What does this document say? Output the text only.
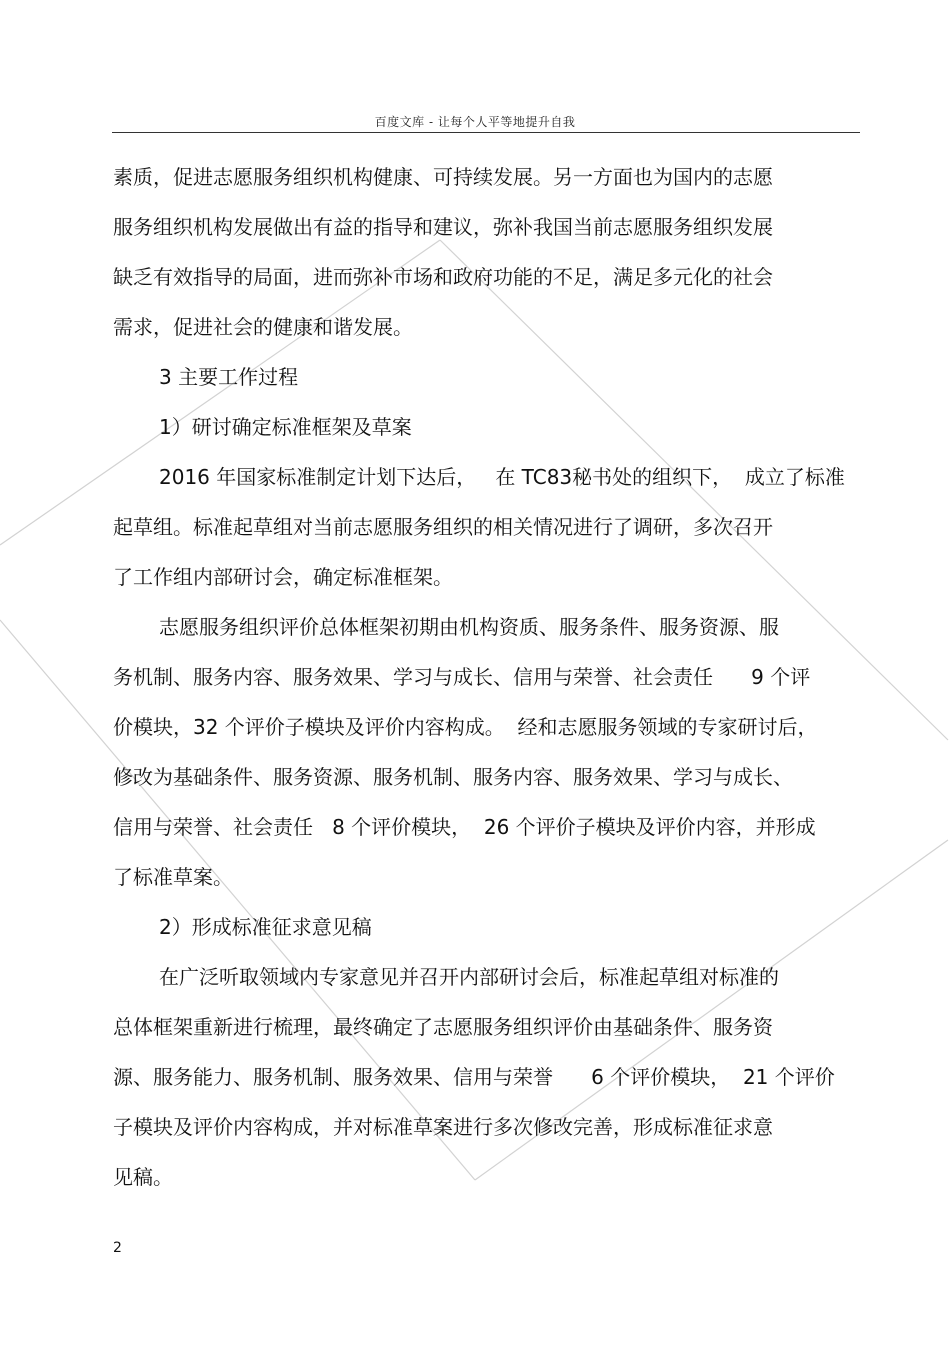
百度文库 - 让每个人平等地提升自我
素质，促进志愿服务组织机构健康、可持续发展。另一方面也为国内的志愿
服务组织机构发展做出有益的指导和建议，弥补我国当前志愿服务组织发展
缺乏有效指导的局面，进而弥补市场和政府功能的不足，满足多元化的社会
需求，促进社会的健康和谐发展。
3 主要工作过程
1）研讨确定标准框架及草案
2016 年国家标准制定计划下达后，   在 TC83秘书处的组织下，  成立了标准
起草组。标准起草组对当前志愿服务组织的相关情况进行了调研，多次召开
了工作组内部研讨会，确定标准框架。
志愿服务组织评价总体框架初期由机构资质、服务条件、服务资源、服
务机制、服务内容、服务效果、学习与成长、信用与荣誉、社会责任      9 个评
价模块，32 个评价子模块及评价内容构成。  经和志愿服务领域的专家研讨后，
修改为基础条件、服务资源、服务机制、服务内容、服务效果、学习与成长、
信用与荣誉、社会责任   8 个评价模块，  26 个评价子模块及评价内容，并形成
了标准草案。
2）形成标准征求意见稿
在广泛听取领域内专家意见并召开内部研讨会后，标准起草组对标准的
总体框架重新进行梳理，最终确定了志愿服务组织评价由基础条件、服务资
源、服务能力、服务机制、服务效果、信用与荣誉      6 个评价模块，  21 个评价
子模块及评价内容构成，并对标准草案进行多次修改完善，形成标准征求意
见稿。
2
